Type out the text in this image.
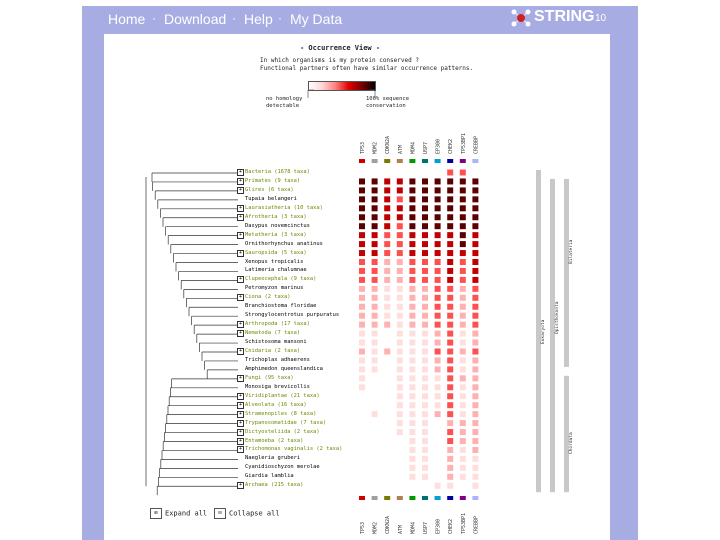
Home · Download · Help · My Data	STRING 10
- Occurrence View -
In which organisms is my protein conserved ?
Functional partners often have similar occurrence patterns.
no homology
detectable
100% sequence
conservation
TP53
TP53
MDM2
MDM2
CDKN2A
CDKN2A
ATM
ATM
MDM4
MDM4
USP7
USP7
EP300
EP300
CHEK2
CHEK2
TP53BP1
TP53BP1
CREBBP
CREBBP
Eukaryota Opisthokonta
Bilateria
Chordata
⊞ Expand all	⊟ Collapse all
+ Bacteria (1678 taxa)
+ Primates (9 taxa)
+ Glires (6 taxa)
Tupaia belangeri
+ Laurasiatheria (10 taxa)
+ Afrotheria (3 taxa)
Dasypus novemcinctus
+ Metatheria (3 taxa)
Ornithorhynchus anatinus
+ Sauropsida (5 taxa)
Xenopus tropicalis
Latimeria chalumnae
+ Clupeocephala (9 taxa)
Petromyzon marinus
+ Ciona (2 taxa)
Branchiostoma floridae
Strongylocentrotus purpuratus
+ Arthropoda (17 taxa)
+ Nematoda (7 taxa)
Schistosoma mansoni
+ Cnidaria (2 taxa)
Trichoplax adhaerens
Amphimedon queenslandica
+ Fungi (95 taxa)
Monosiga brevicollis
+ Viridiplantae (21 taxa)
+ Alveolata (16 taxa)
+ Stramenopiles (8 taxa)
+ Trypanosomatidae (7 taxa)
+ Dictyosteliida (2 taxa)
+ Entamoeba (2 taxa)
+ Trichomonas vaginalis (2 taxa)
Naegleria gruberi
Cyanidioschyzon merolae
Giardia lamblia
+ Archaea (215 taxa)
